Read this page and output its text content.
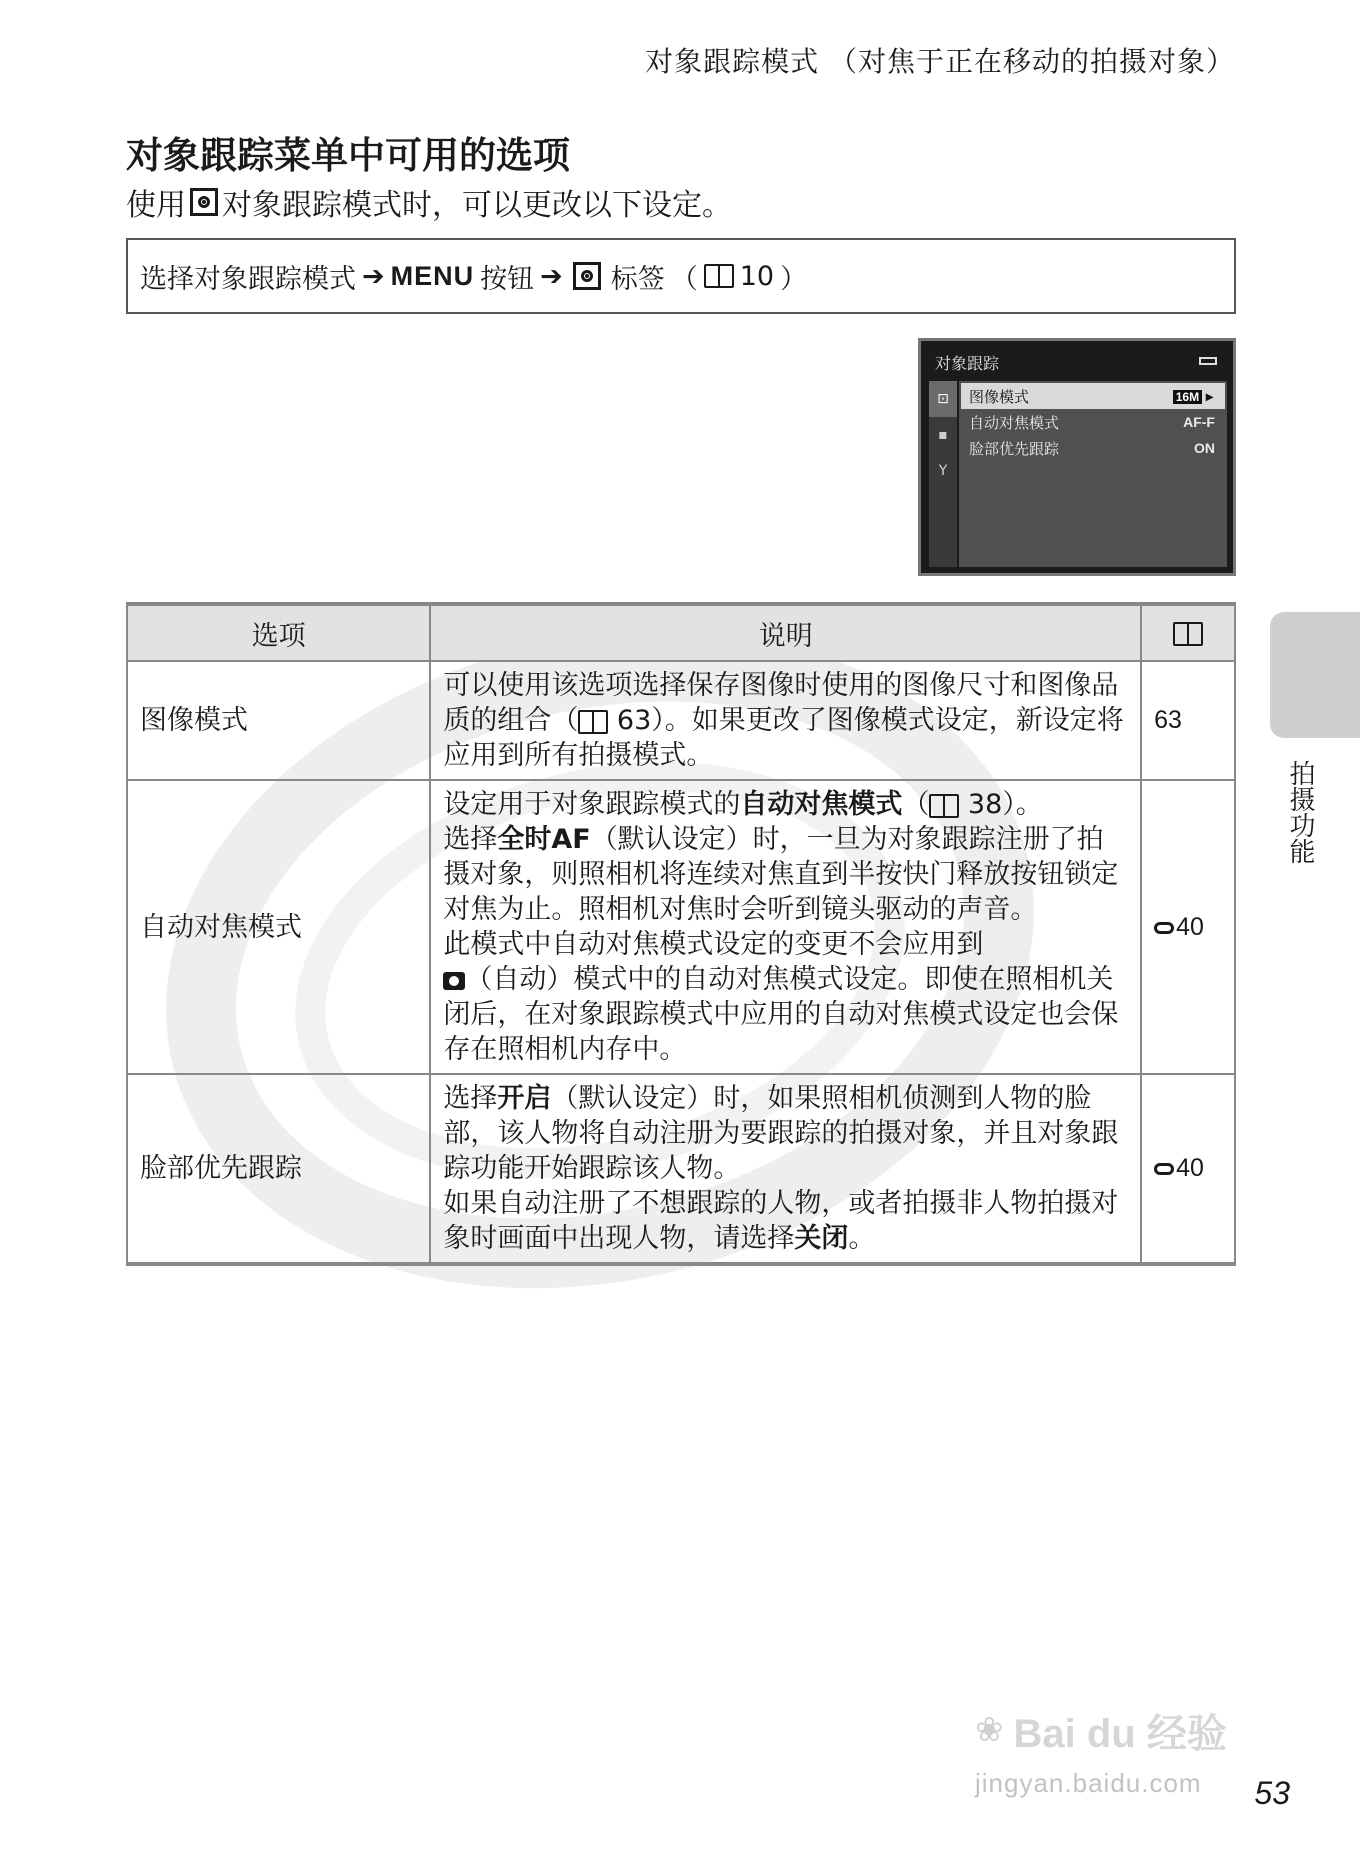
对象跟踪模式 （对焦于正在移动的拍摄对象）
对象跟踪菜单中可用的选项
使用 对象跟踪模式时，可以更改以下设定。
选择对象跟踪模式 ➔ MENU 按钮 ➔ 标签 （ 10 ）
对象跟踪
⊡
▪
Y
图像模式	16M ▸
自动对焦模式	AF-F
脸部优先跟踪	ON
选项	说明	
图像模式	可以使用该选项选择保存图像时使用的图像尺寸和图像品质的组合（ 63）。如果更改了图像模式设定，新设定将应用到所有拍摄模式。	63
自动对焦模式	设定用于对象跟踪模式的自动对焦模式（ 38）。
选择全时AF（默认设定）时，一旦为对象跟踪注册了拍摄对象，则照相机将连续对焦直到半按快门释放按钮锁定对焦为止。照相机对焦时会听到镜头驱动的声音。
此模式中自动对焦模式设定的变更不会应用到
（自动）模式中的自动对焦模式设定。即使在照相机关闭后，在对象跟踪模式中应用的自动对焦模式设定也会保存在照相机内存中。	40
脸部优先跟踪	选择开启（默认设定）时，如果照相机侦测到人物的脸部，该人物将自动注册为要跟踪的拍摄对象，并且对象跟踪功能开始跟踪该人物。
如果自动注册了不想跟踪的人物，或者拍摄非人物拍摄对象时画面中出现人物，请选择关闭。	40
拍摄功能
❀ Bai du 经验
jingyan.baidu.com 53
